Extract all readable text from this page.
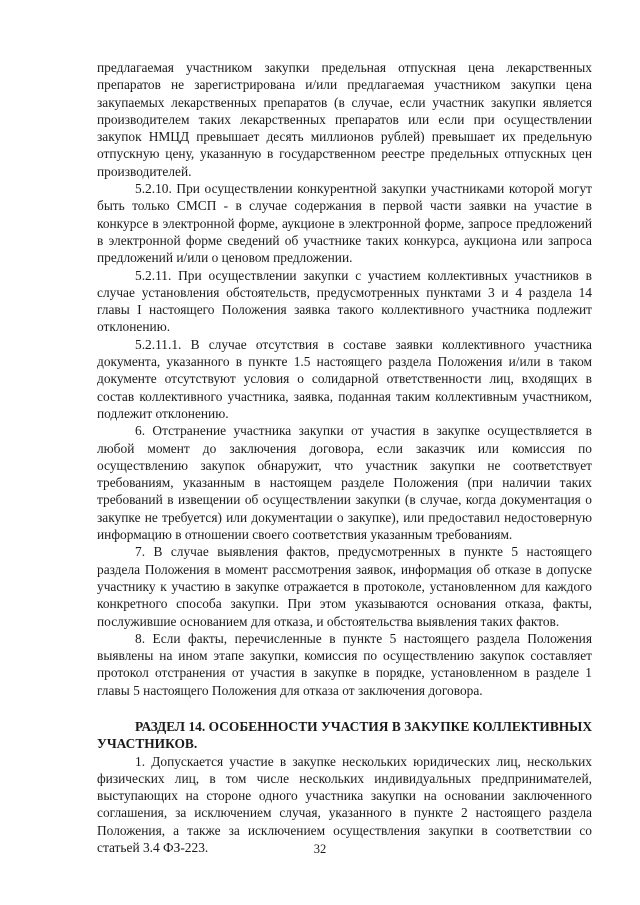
предлагаемая участником закупки предельная отпускная цена лекарственных препаратов не зарегистрирована и/или предлагаемая участником закупки цена закупаемых лекарственных препаратов (в случае, если участник закупки является производителем таких лекарственных препаратов или если при осуществлении закупок НМЦД превышает десять миллионов рублей) превышает их предельную отпускную цену, указанную в государственном реестре предельных отпускных цен производителей.

5.2.10. При осуществлении конкурентной закупки участниками которой могут быть только СМСП - в случае содержания в первой части заявки на участие в конкурсе в электронной форме, аукционе в электронной форме, запросе предложений в электронной форме сведений об участнике таких конкурса, аукциона или запроса предложений и/или о ценовом предложении.

5.2.11. При осуществлении закупки с участием коллективных участников в случае установления обстоятельств, предусмотренных пунктами 3 и 4 раздела 14 главы I настоящего Положения заявка такого коллективного участника подлежит отклонению.

5.2.11.1. В случае отсутствия в составе заявки коллективного участника документа, указанного в пункте 1.5 настоящего раздела Положения и/или в таком документе отсутствуют условия о солидарной ответственности лиц, входящих в состав коллективного участника, заявка, поданная таким коллективным участником, подлежит отклонению.

6. Отстранение участника закупки от участия в закупке осуществляется в любой момент до заключения договора, если заказчик или комиссия по осуществлению закупок обнаружит, что участник закупки не соответствует требованиям, указанным в настоящем разделе Положения (при наличии таких требований в извещении об осуществлении закупки (в случае, когда документация о закупке не требуется) или документации о закупке), или предоставил недостоверную информацию в отношении своего соответствия указанным требованиям.

7. В случае выявления фактов, предусмотренных в пункте 5 настоящего раздела Положения в момент рассмотрения заявок, информация об отказе в допуске участнику к участию в закупке отражается в протоколе, установленном для каждого конкретного способа закупки. При этом указываются основания отказа, факты, послужившие основанием для отказа, и обстоятельства выявления таких фактов.

8. Если факты, перечисленные в пункте 5 настоящего раздела Положения выявлены на ином этапе закупки, комиссия по осуществлению закупок составляет протокол отстранения от участия в закупке в порядке, установленном в разделе 1 главы 5 настоящего Положения для отказа от заключения договора.

РАЗДЕЛ 14. ОСОБЕННОСТИ УЧАСТИЯ В ЗАКУПКЕ КОЛЛЕКТИВНЫХ УЧАСТНИКОВ.

1. Допускается участие в закупке нескольких юридических лиц, нескольких физических лиц, в том числе нескольких индивидуальных предпринимателей, выступающих на стороне одного участника закупки на основании заключенного соглашения, за исключением случая, указанного в пункте 2 настоящего раздела Положения, а также за исключением осуществления закупки в соответствии со статьей 3.4 ФЗ-223.	32
